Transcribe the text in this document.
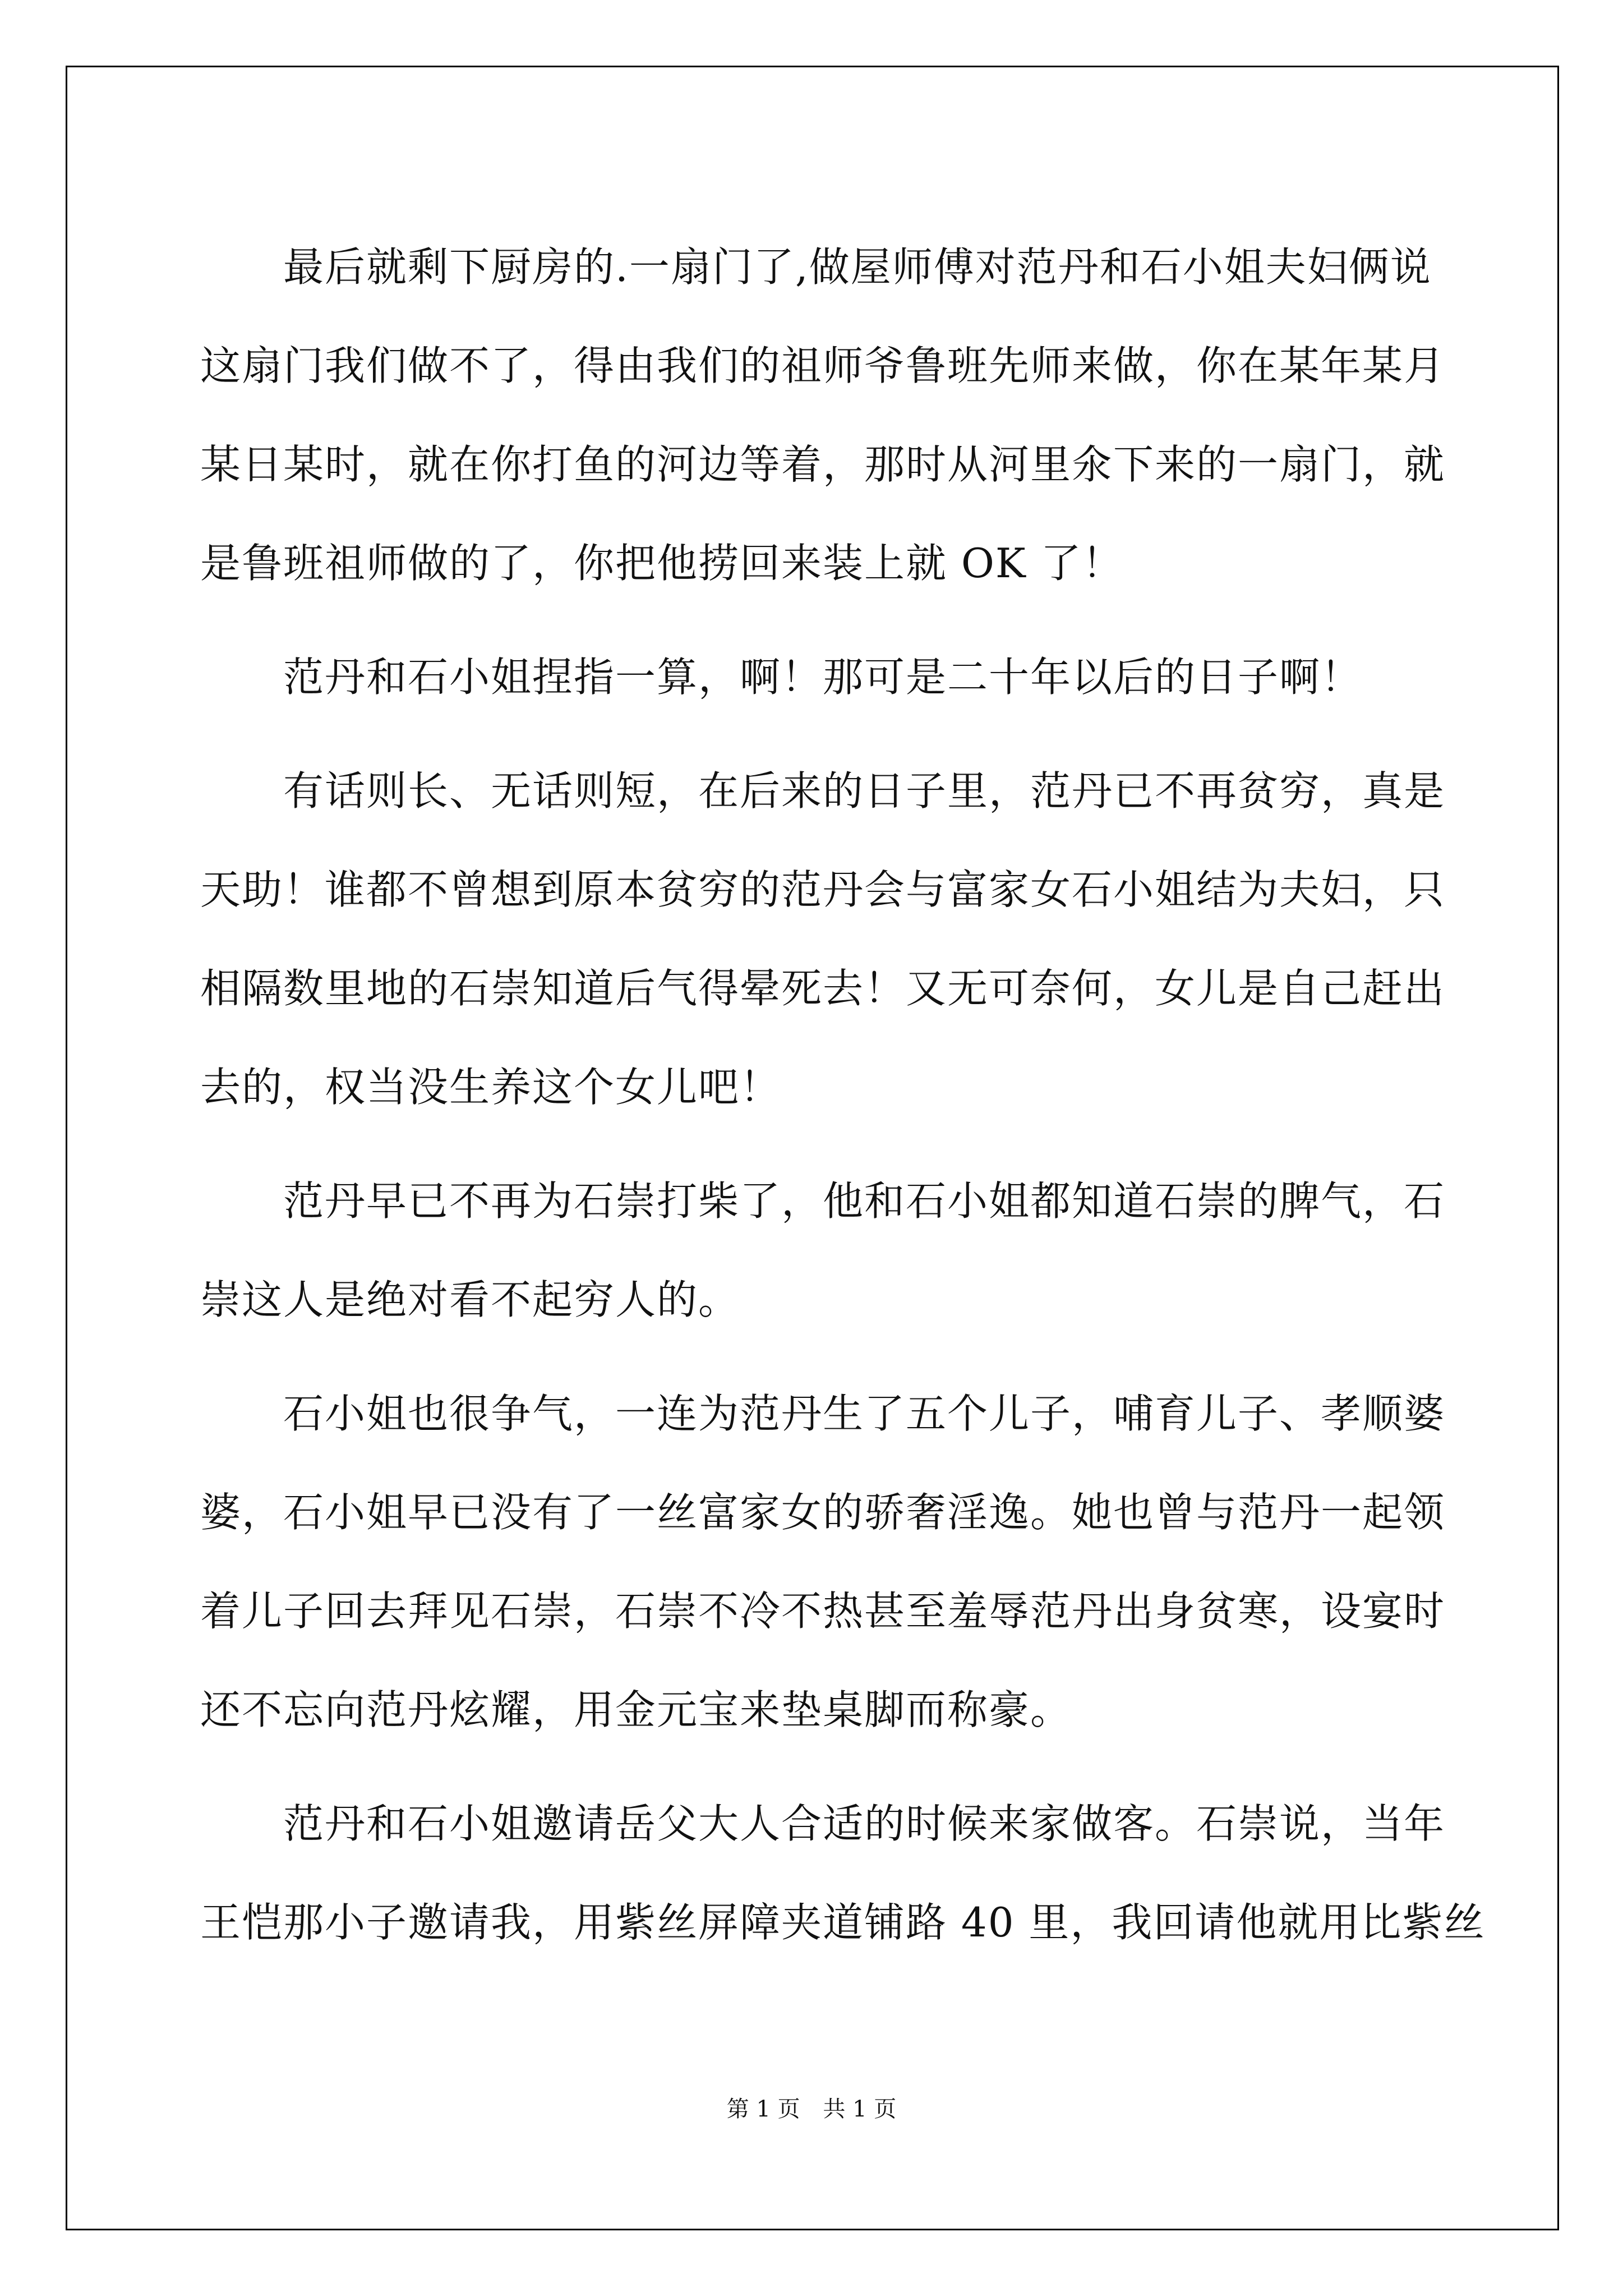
最后就剩下厨房的.一扇门了,做屋师傅对范丹和石小姐夫妇俩说
这扇门我们做不了，得由我们的祖师爷鲁班先师来做，你在某年某月
某日某时，就在你打鱼的河边等着，那时从河里氽下来的一扇门，就
是鲁班祖师做的了，你把他捞回来装上就 OK 了！
范丹和石小姐捏指一算，啊！那可是二十年以后的日子啊！
有话则长、无话则短，在后来的日子里，范丹已不再贫穷，真是
天助！谁都不曾想到原本贫穷的范丹会与富家女石小姐结为夫妇，只
相隔数里地的石崇知道后气得晕死去！又无可奈何，女儿是自己赶出
去的，权当没生养这个女儿吧！
范丹早已不再为石崇打柴了，他和石小姐都知道石崇的脾气，石
崇这人是绝对看不起穷人的。
石小姐也很争气，一连为范丹生了五个儿子，哺育儿子、孝顺婆
婆，石小姐早已没有了一丝富家女的骄奢淫逸。她也曾与范丹一起领
着儿子回去拜见石崇，石崇不冷不热甚至羞辱范丹出身贫寒，设宴时
还不忘向范丹炫耀，用金元宝来垫桌脚而称豪。
范丹和石小姐邀请岳父大人合适的时候来家做客。石崇说，当年
王恺那小子邀请我，用紫丝屏障夹道铺路 40 里，我回请他就用比紫丝
第 1 页 共 1 页
